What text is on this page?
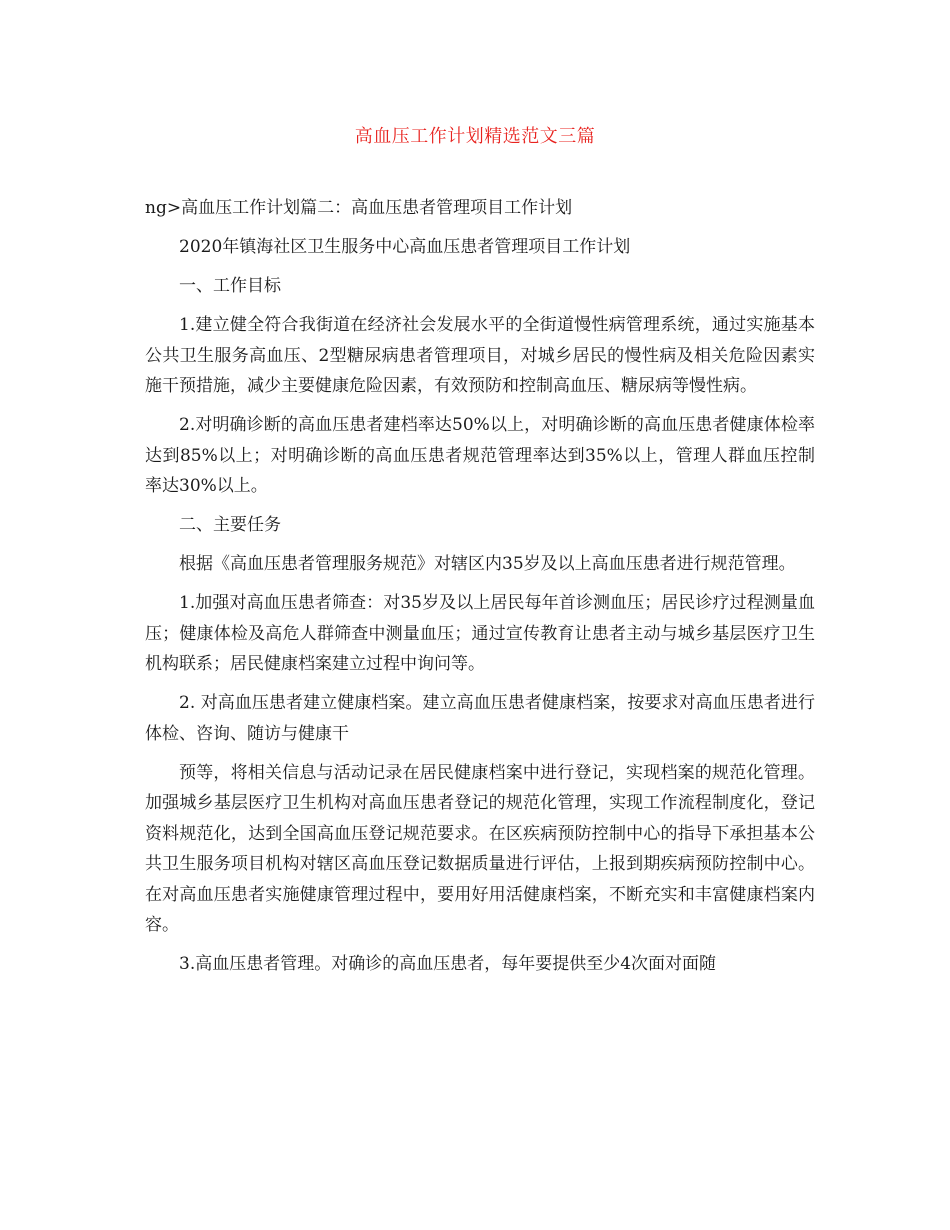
高血压工作计划精选范文三篇

ng>高血压工作计划篇二：高血压患者管理项目工作计划

2020年镇海社区卫生服务中心高血压患者管理项目工作计划

一、工作目标

1.建立健全符合我街道在经济社会发展水平的全街道慢性病管理系统，通过实施基本公共卫生服务高血压、2型糖尿病患者管理项目，对城乡居民的慢性病及相关危险因素实施干预措施，减少主要健康危险因素，有效预防和控制高血压、糖尿病等慢性病。

2.对明确诊断的高血压患者建档率达50%以上，对明确诊断的高血压患者健康体检率达到85%以上；对明确诊断的高血压患者规范管理率达到35%以上，管理人群血压控制率达30%以上。

二、主要任务

根据《高血压患者管理服务规范》对辖区内35岁及以上高血压患者进行规范管理。

1.加强对高血压患者筛查：对35岁及以上居民每年首诊测血压；居民诊疗过程测量血压；健康体检及高危人群筛查中测量血压；通过宣传教育让患者主动与城乡基层医疗卫生机构联系；居民健康档案建立过程中询问等。

2. 对高血压患者建立健康档案。建立高血压患者健康档案，按要求对高血压患者进行体检、咨询、随访与健康干

预等，将相关信息与活动记录在居民健康档案中进行登记，实现档案的规范化管理。加强城乡基层医疗卫生机构对高血压患者登记的规范化管理，实现工作流程制度化，登记资料规范化，达到全国高血压登记规范要求。在区疾病预防控制中心的指导下承担基本公共卫生服务项目机构对辖区高血压登记数据质量进行评估，上报到期疾病预防控制中心。在对高血压患者实施健康管理过程中，要用好用活健康档案，不断充实和丰富健康档案内容。

3.高血压患者管理。对确诊的高血压患者，每年要提供至少4次面对面随
